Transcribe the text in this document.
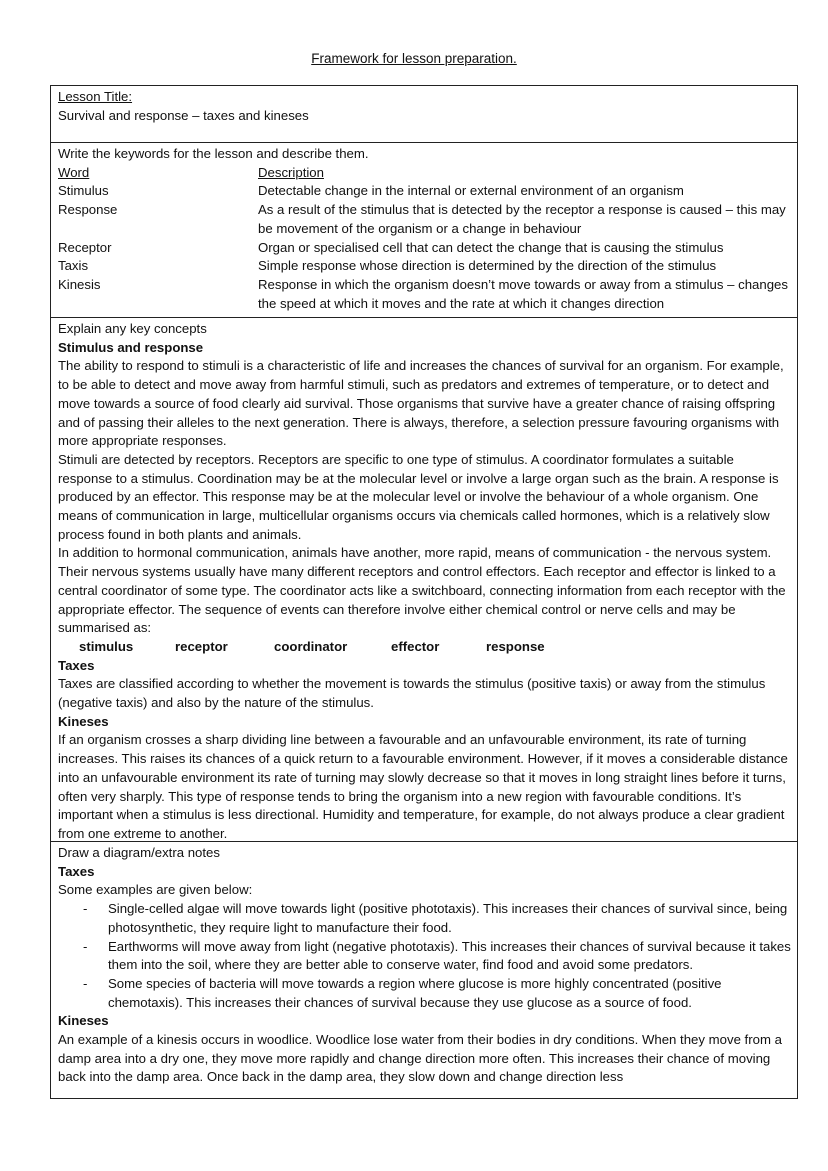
Framework for lesson preparation.
Lesson Title:
Survival and response – taxes and kineses
Write the keywords for the lesson and describe them.
Word	Description
Stimulus	Detectable change in the internal or external environment of an organism
Response	As a result of the stimulus that is detected by the receptor a response is caused – this may be movement of the organism or a change in behaviour
Receptor	Organ or specialised cell that can detect the change that is causing the stimulus
Taxis	Simple response whose direction is determined by the direction of the stimulus
Kinesis	Response in which the organism doesn’t move towards or away from a stimulus – changes the speed at which it moves and the rate at which it changes direction
Explain any key concepts
Stimulus and response

The ability to respond to stimuli is a characteristic of life and increases the chances of survival for an organism. For example, to be able to detect and move away from harmful stimuli, such as predators and extremes of temperature, or to detect and move towards a source of food clearly aid survival. Those organisms that survive have a greater chance of raising offspring and of passing their alleles to the next generation. There is always, therefore, a selection pressure favouring organisms with more appropriate responses.

Stimuli are detected by receptors. Receptors are specific to one type of stimulus. A coordinator formulates a suitable response to a stimulus. Coordination may be at the molecular level or involve a large organ such as the brain. A response is produced by an effector. This response may be at the molecular level or involve the behaviour of a whole organism. One means of communication in large, multicellular organisms occurs via chemicals called hormones, which is a relatively slow process found in both plants and animals.

In addition to hormonal communication, animals have another, more rapid, means of communication - the nervous system. Their nervous systems usually have many different receptors and control effectors. Each receptor and effector is linked to a central coordinator of some type. The coordinator acts like a switchboard, connecting information from each receptor with the appropriate effector. The sequence of events can therefore involve either chemical control or nerve cells and may be summarised as:

stimulus	receptor	coordinator	effector	response
Taxes

Taxes are classified according to whether the movement is towards the stimulus (positive taxis) or away from the stimulus (negative taxis) and also by the nature of the stimulus.

Kineses

If an organism crosses a sharp dividing line between a favourable and an unfavourable environment, its rate of turning increases. This raises its chances of a quick return to a favourable environment. However, if it moves a considerable distance into an unfavourable environment its rate of turning may slowly decrease so that it moves in long straight lines before it turns, often very sharply. This type of response tends to bring the organism into a new region with favourable conditions. It’s important when a stimulus is less directional. Humidity and temperature, for example, do not always produce a clear gradient from one extreme to another.

Draw a diagram/extra notes
Taxes
Some examples are given below:
- Single-celled algae will move towards light (positive phototaxis). This increases their chances of survival since, being photosynthetic, they require light to manufacture their food.
- Earthworms will move away from light (negative phototaxis). This increases their chances of survival because it takes them into the soil, where they are better able to conserve water, find food and avoid some predators.
- Some species of bacteria will move towards a region where glucose is more highly concentrated (positive chemotaxis). This increases their chances of survival because they use glucose as a source of food.
Kineses

An example of a kinesis occurs in woodlice. Woodlice lose water from their bodies in dry conditions. When they move from a damp area into a dry one, they move more rapidly and change direction more often. This increases their chance of moving back into the damp area. Once back in the damp area, they slow down and change direction less
